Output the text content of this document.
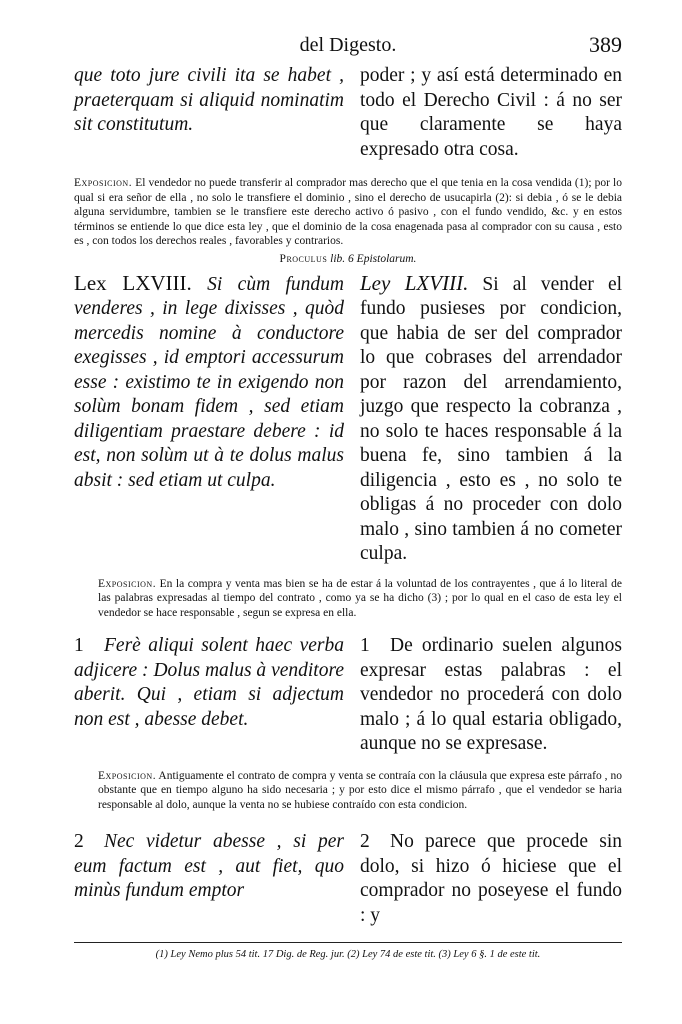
del Digesto.	389
que toto jure civili ita se habet , praeterquam si aliquid nominatim sit constitutum.
poder ; y así está determinado en todo el Derecho Civil : á no ser que claramente se haya expresado otra cosa.
Exposicion. El vendedor no puede transferir al comprador mas derecho que el que tenia en la cosa vendida (1); por lo qual si era señor de ella , no solo le transfiere el dominio , sino el derecho de usucapirla (2): si debia , ó se le debia alguna servidumbre, tambien se le transfiere este derecho activo ó pasivo , con el fundo vendido, &c. y en estos términos se entiende lo que dice esta ley , que el dominio de la cosa enagenada pasa al comprador con su causa , esto es , con todos los derechos reales , favorables y contrarios.
Proculus lib. 6 Epistolarum.
Lex LXVIII. Si cùm fundum venderes , in lege dixisses , quòd mercedis nomine à conductore exegisses , id emptori accessurum esse : existimo te in exigendo non solùm bonam fidem , sed etiam diligentiam praestare debere : id est, non solùm ut à te dolus malus absit : sed etiam ut culpa.
Ley LXVIII. Si al vender el fundo pusieses por condicion, que habia de ser del comprador lo que cobrases del arrendador por razon del arrendamiento, juzgo que respecto la cobranza , no solo te haces responsable á la buena fe, sino tambien á la diligencia , esto es , no solo te obligas á no proceder con dolo malo , sino tambien á no cometer culpa.
Exposicion. En la compra y venta mas bien se ha de estar á la voluntad de los contrayentes , que á lo literal de las palabras expresadas al tiempo del contrato , como ya se ha dicho (3) ; por lo qual en el caso de esta ley el vendedor se hace responsable , segun se expresa en ella.
1 Ferè aliqui solent haec verba adjicere : Dolus malus à venditore aberit. Qui , etiam si adjectum non est , abesse debet.
1 De ordinario suelen algunos expresar estas palabras : el vendedor no procederá con dolo malo ; á lo qual estaria obligado, aunque no se expresase.
Exposicion. Antiguamente el contrato de compra y venta se contraía con la cláusula que expresa este párrafo , no obstante que en tiempo alguno ha sido necesaria ; y por esto dice el mismo párrafo , que el vendedor se haria responsable al dolo, aunque la venta no se hubiese contraído con esta condicion.
2 Nec videtur abesse , si per eum factum est , aut fiet, quo minùs fundum emptor
2 No parece que procede sin dolo, si hizo ó hiciese que el comprador no poseyese el fundo : y
(1) Ley Nemo plus 54 tit. 17 Dig. de Reg. jur. (2) Ley 74 de este tit. (3) Ley 6 §. 1 de este tit.
